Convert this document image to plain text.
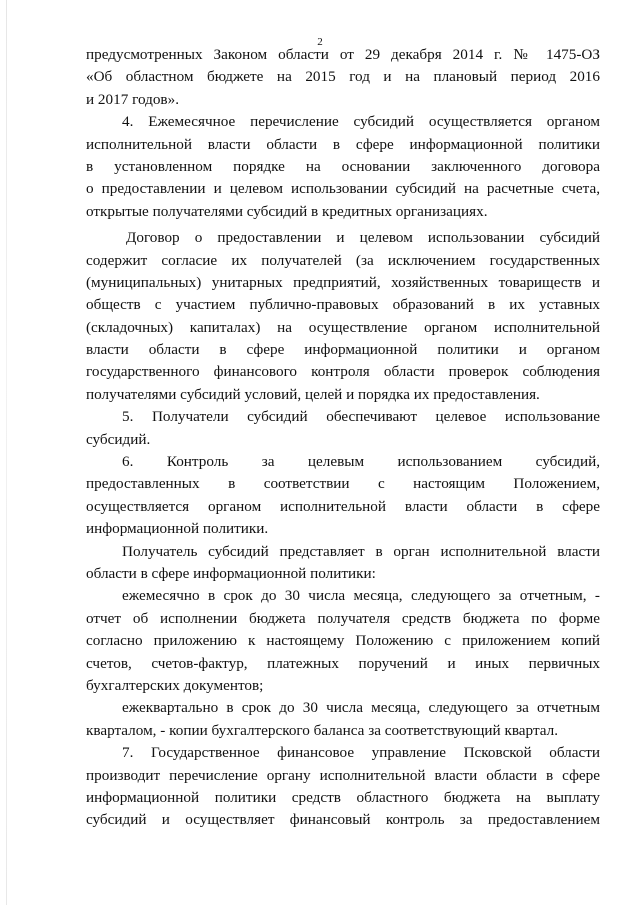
2
предусмотренных Законом области от 29 декабря 2014 г. № 1475-ОЗ
«Об областном бюджете на 2015 год и на плановый период 2016
и 2017 годов».
4. Ежемесячное перечисление субсидий осуществляется органом
исполнительной власти области в сфере информационной политики
в установленном порядке на основании заключенного договора
о предоставлении и целевом использовании субсидий на расчетные счета,
открытые получателями субсидий в кредитных организациях.
Договор о предоставлении и целевом использовании субсидий
содержит согласие их получателей (за исключением государственных
(муниципальных) унитарных предприятий, хозяйственных товариществ и
обществ с участием публично-правовых образований в их уставных
(складочных) капиталах) на осуществление органом исполнительной
власти области в сфере информационной политики и органом
государственного финансового контроля области проверок соблюдения
получателями субсидий условий, целей и порядка их предоставления.
5. Получатели субсидий обеспечивают целевое использование
субсидий.
6. Контроль за целевым использованием субсидий,
предоставленных в соответствии с настоящим Положением,
осуществляется органом исполнительной власти области в сфере
информационной политики.
Получатель субсидий представляет в орган исполнительной власти
области в сфере информационной политики:
ежемесячно в срок до 30 числа месяца, следующего за отчетным, -
отчет об исполнении бюджета получателя средств бюджета по форме
согласно приложению к настоящему Положению с приложением копий
счетов, счетов-фактур, платежных поручений и иных первичных
бухгалтерских документов;
ежеквартально в срок до 30 числа месяца, следующего за отчетным
кварталом, - копии бухгалтерского баланса за соответствующий квартал.
7. Государственное финансовое управление Псковской области
производит перечисление органу исполнительной власти области в сфере
информационной политики средств областного бюджета на выплату
субсидий и осуществляет финансовый контроль за предоставлением
